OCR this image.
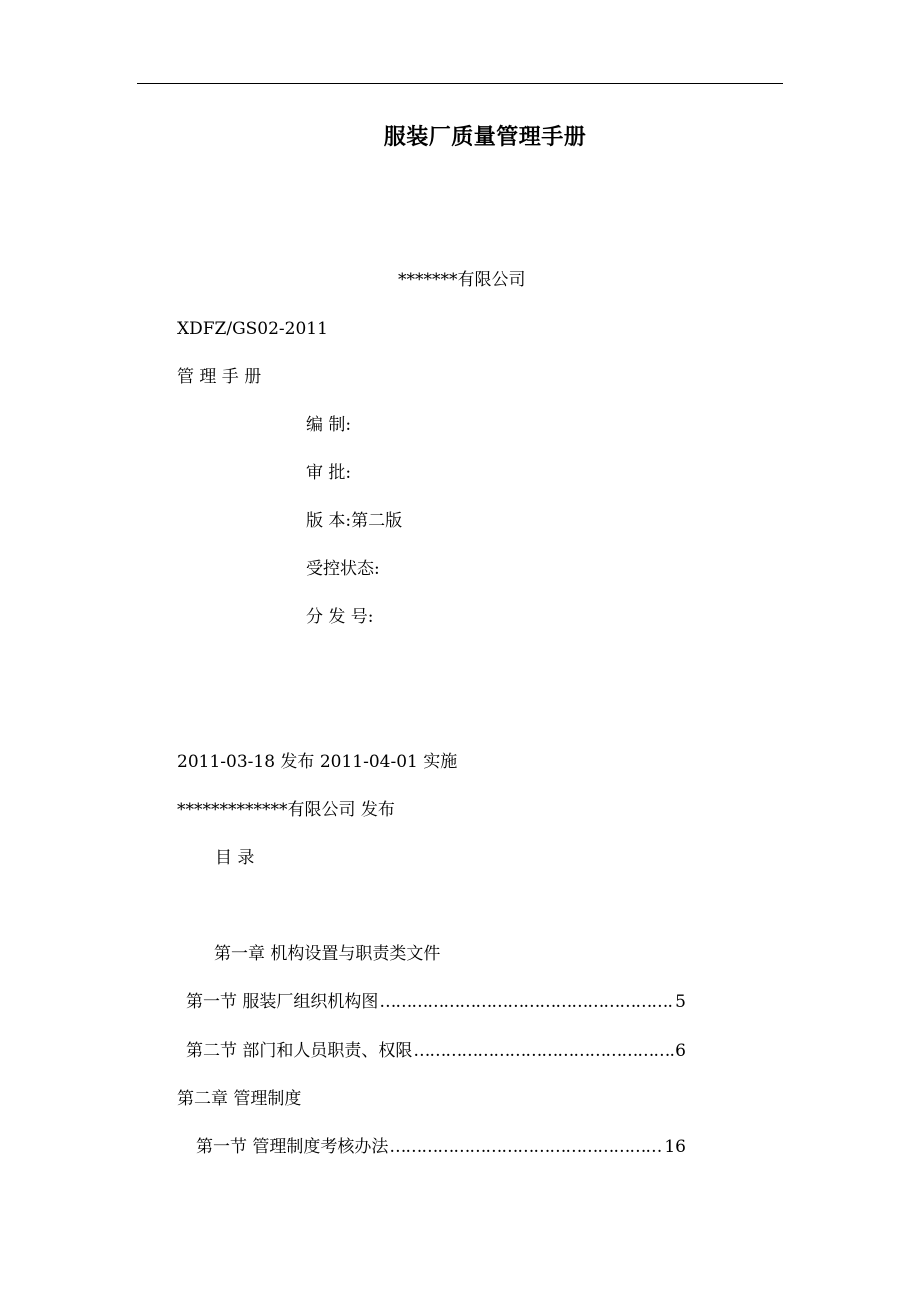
服装厂质量管理手册
*******有限公司
XDFZ/GS02-2011
管 理 手 册
编 制:
审 批:
版 本:第二版
受控状态:
分 发 号:
2011-03-18 发布 2011-04-01 实施
*************有限公司 发布
目 录
第一章 机构设置与职责类文件
第一节 服装厂组织机构图 ……………………………………………………………………………………………………………………………………	5
第二节 部门和人员职责、权限 ……………………………………………………………………………………………………………………………………	6
第二章 管理制度
第一节 管理制度考核办法 ……………………………………………………………………………………………………………………………………	16
